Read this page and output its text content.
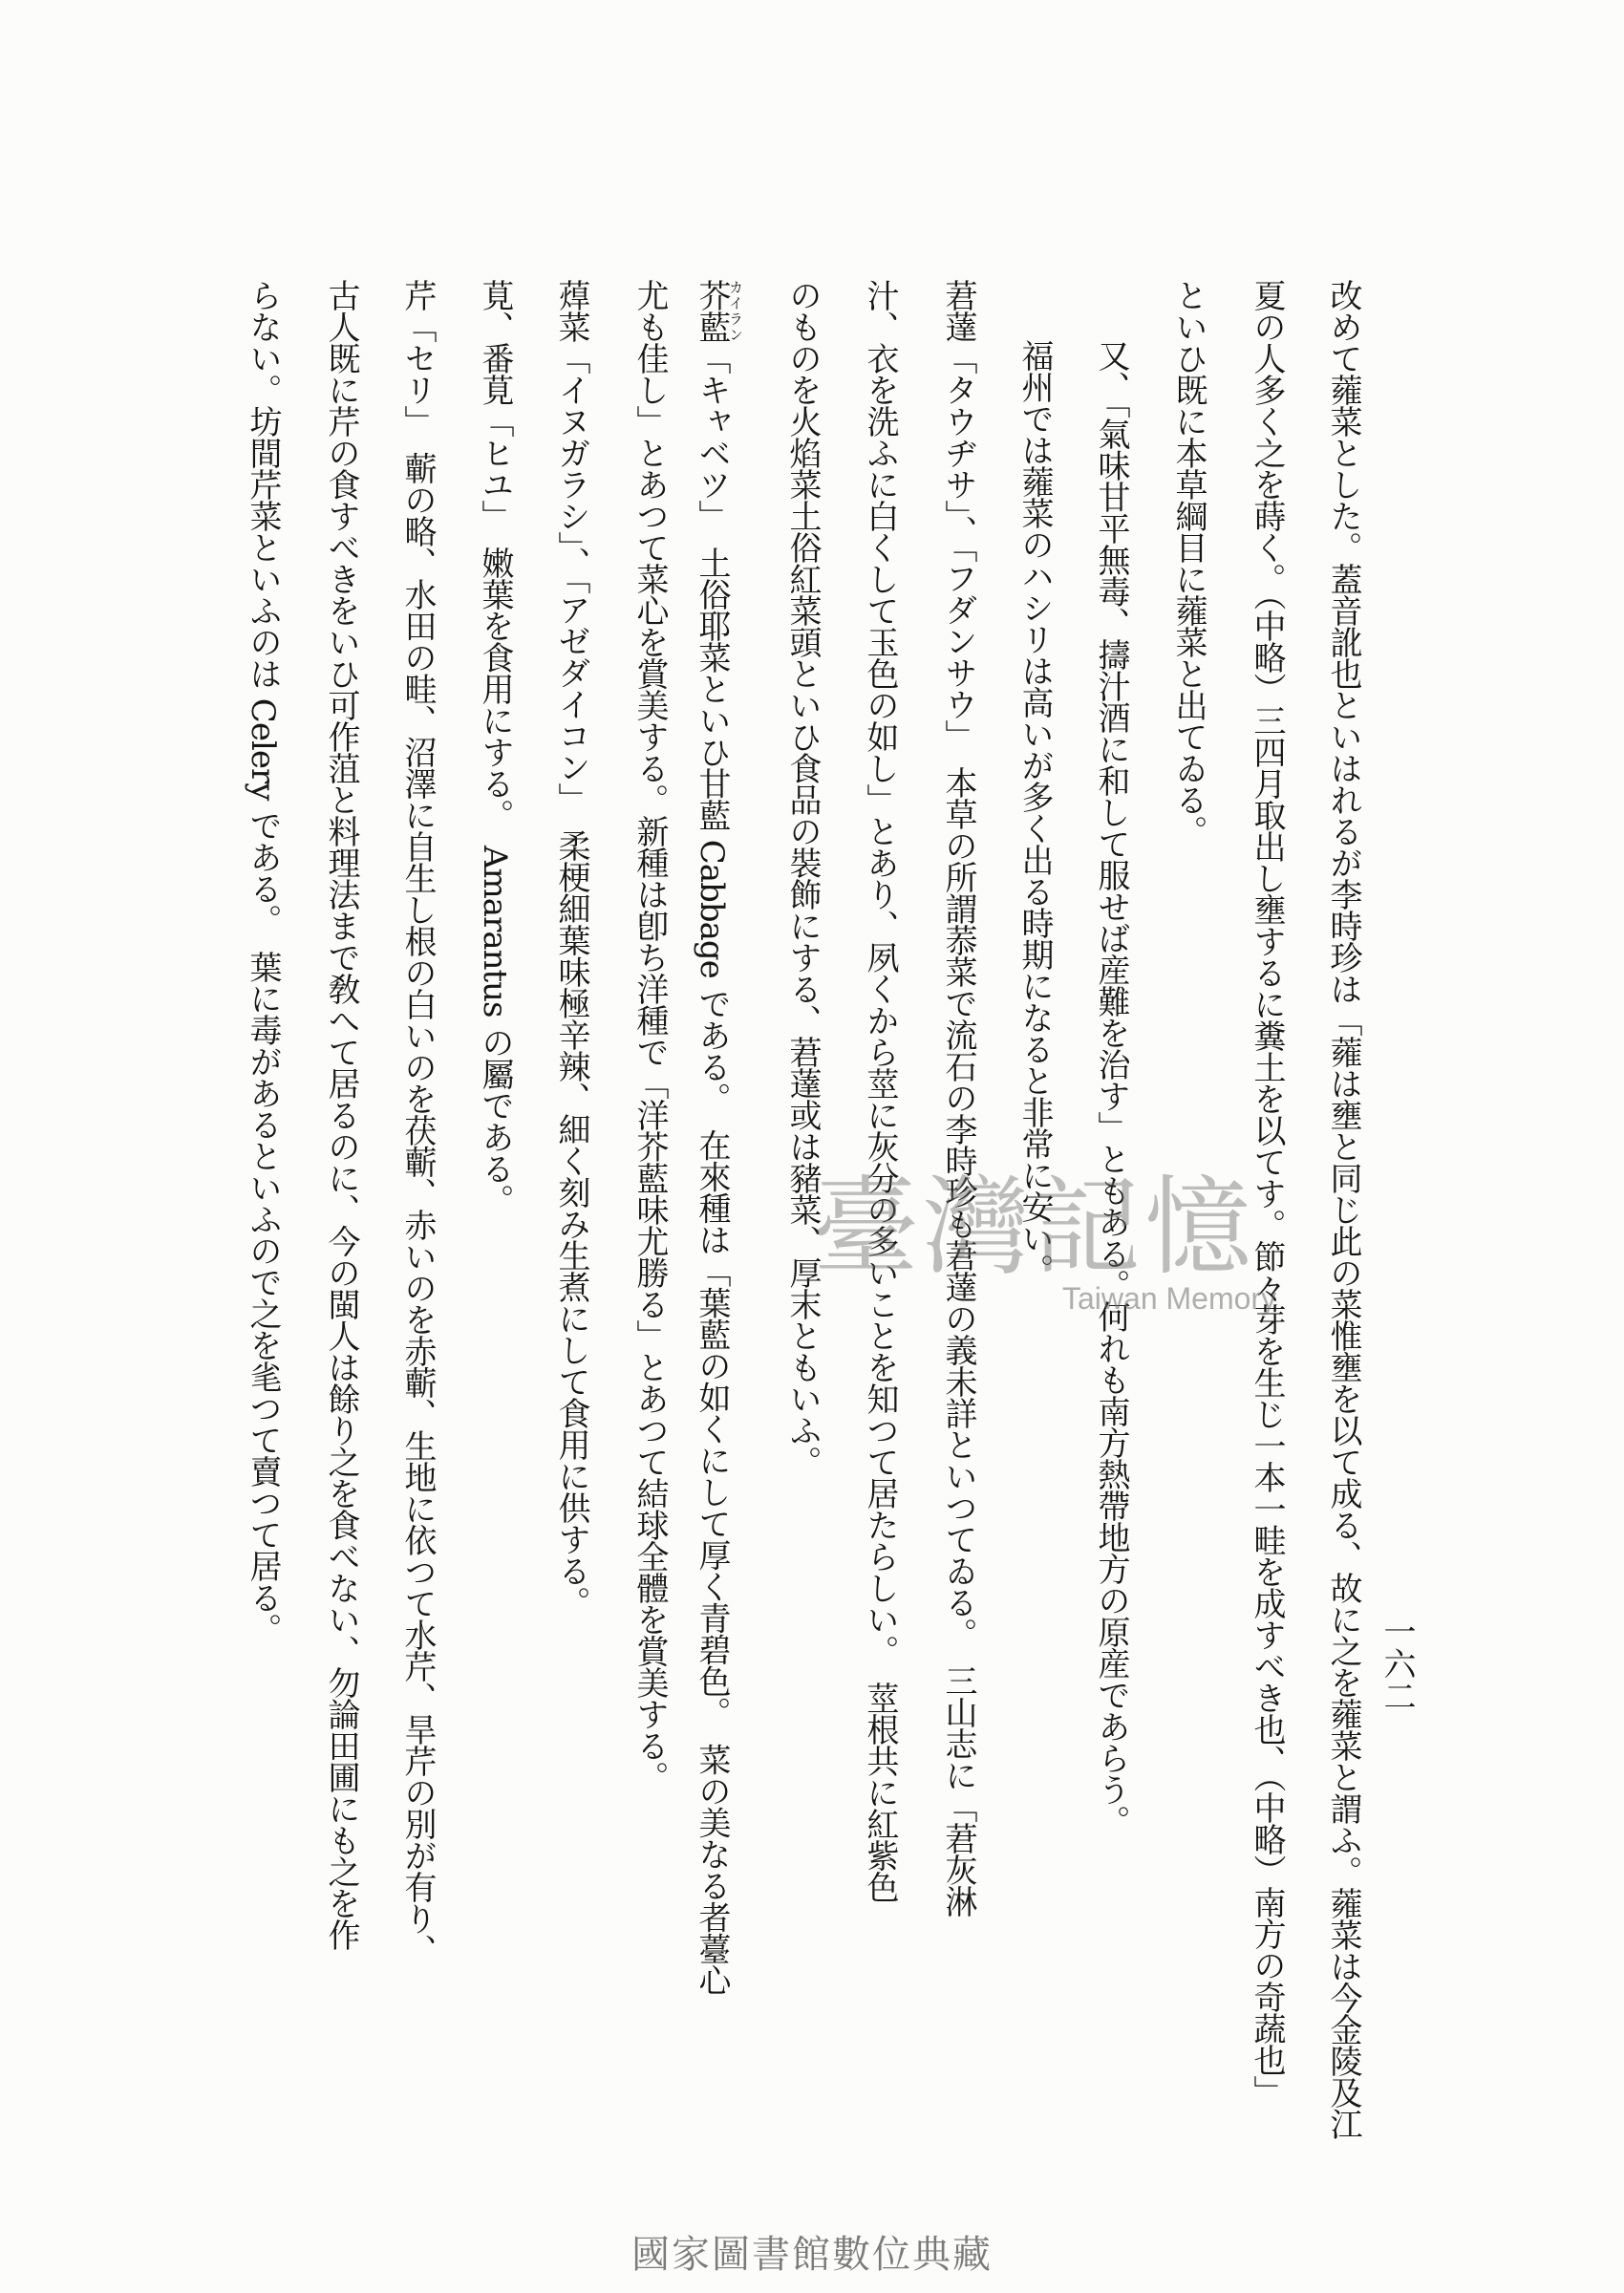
一六二
改めて蕹菜とした。蓋音訛也といはれるが李時珍は「蕹は壅と同じ此の菜惟壅を以て成る、故に之を蕹菜と謂ふ。蕹菜は今金陵及江
夏の人多く之を蒔く。（中略）三四月取出し壅するに糞土を以てす。節々芽を生じ一本一畦を成すべき也、（中略）南方の奇蔬也」
といひ既に本草綱目に蕹菜と出てゐる。
又、「氣味甘平無毒、擣汁酒に和して服せば産難を治す」ともある。何れも南方熱帶地方の原産であらう。
福州では蕹菜のハシリは高いが多く出る時期になると非常に安い。
莙薘「タウヂサ」、「フダンサウ」　本草の所謂菾菜で流石の李時珍も莙薘の義未詳といつてゐる。　三山志に「莙灰淋
汁、衣を洗ふに白くして玉色の如し」とあり、夙くから莖に灰分の多いことを知つて居たらしい。　莖根共に紅紫色
のものを火焰菜土俗紅菜頭といひ食品の裝飾にする、莙薘或は豬菜、厚末ともいふ。
芥藍カイラン「キャベツ」　土俗耶菜といひ甘藍 Cabbage である。　在來種は「葉藍の如くにして厚く青碧色。　菜の美なる者薹心
尤も佳し」とあつて菜心を賞美する。新種は卽ち洋種で「洋芥藍味尤勝る」とあつて結球全體を賞美する。
蔊菜「イヌガラシ」、「アゼダイコン」　柔梗細葉味極辛辣、細く刻み生煮にして食用に供する。
莧、番莧「ヒユ」　嫩葉を食用にする。　Amarantus の屬である。
芹「セリ」　蘄の略、水田の畦、沼澤に自生し根の白いのを茯蘄、赤いのを赤蘄、生地に依つて水芹、旱芹の別が有り、
古人既に芹の食すべきをいひ可作菹と料理法まで敎へて居るのに、今の閩人は餘り之を食べない、勿論田圃にも之を作
らない。坊間芹菜といふのは Celery である。　葉に毒があるといふので之を毟つて賣つて居る。	臺灣記憶
Taiwan Memory
國家圖書館數位典藏
